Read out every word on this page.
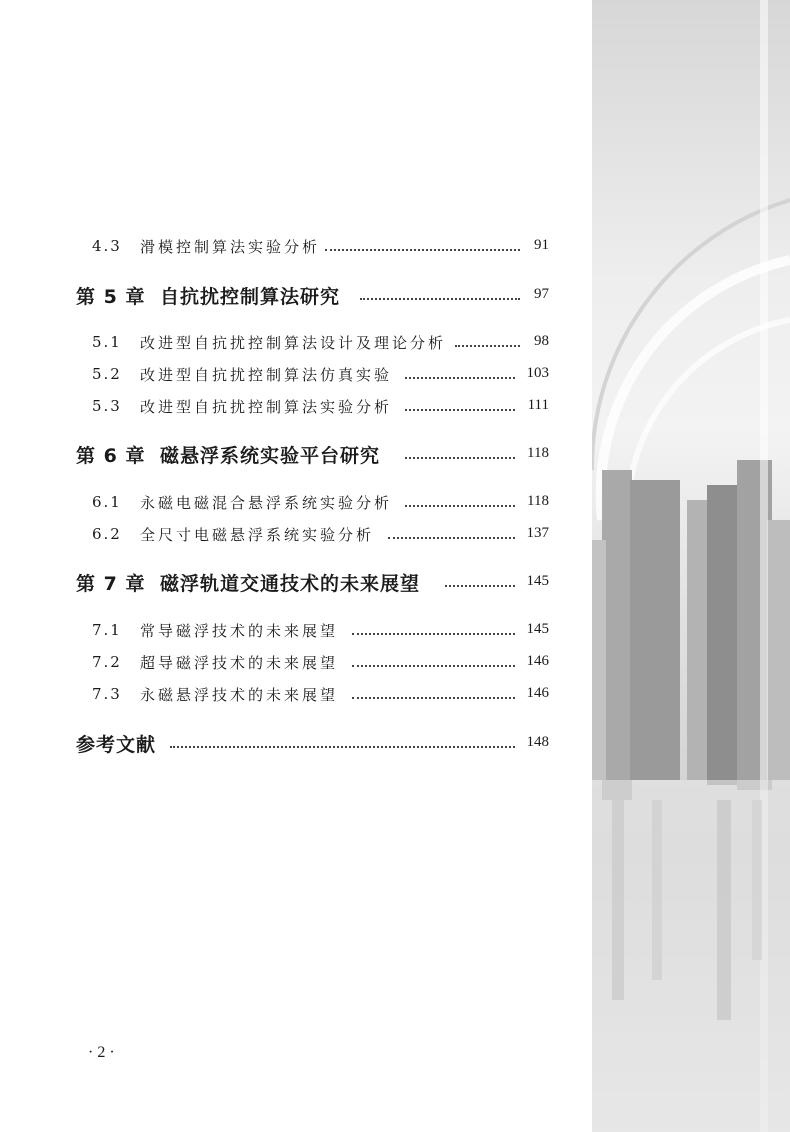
4.3 滑模控制算法实验分析	91
第 5 章 自抗扰控制算法研究	97
5.1 改进型自抗扰控制算法设计及理论分析	98
5.2 改进型自抗扰控制算法仿真实验	103
5.3 改进型自抗扰控制算法实验分析	111
第 6 章 磁悬浮系统实验平台研究	118
6.1 永磁电磁混合悬浮系统实验分析	118
6.2 全尺寸电磁悬浮系统实验分析	137
第 7 章 磁浮轨道交通技术的未来展望	145
7.1 常导磁浮技术的未来展望	145
7.2 超导磁浮技术的未来展望	146
7.3 永磁悬浮技术的未来展望	146
参考文献	148
· 2 ·
